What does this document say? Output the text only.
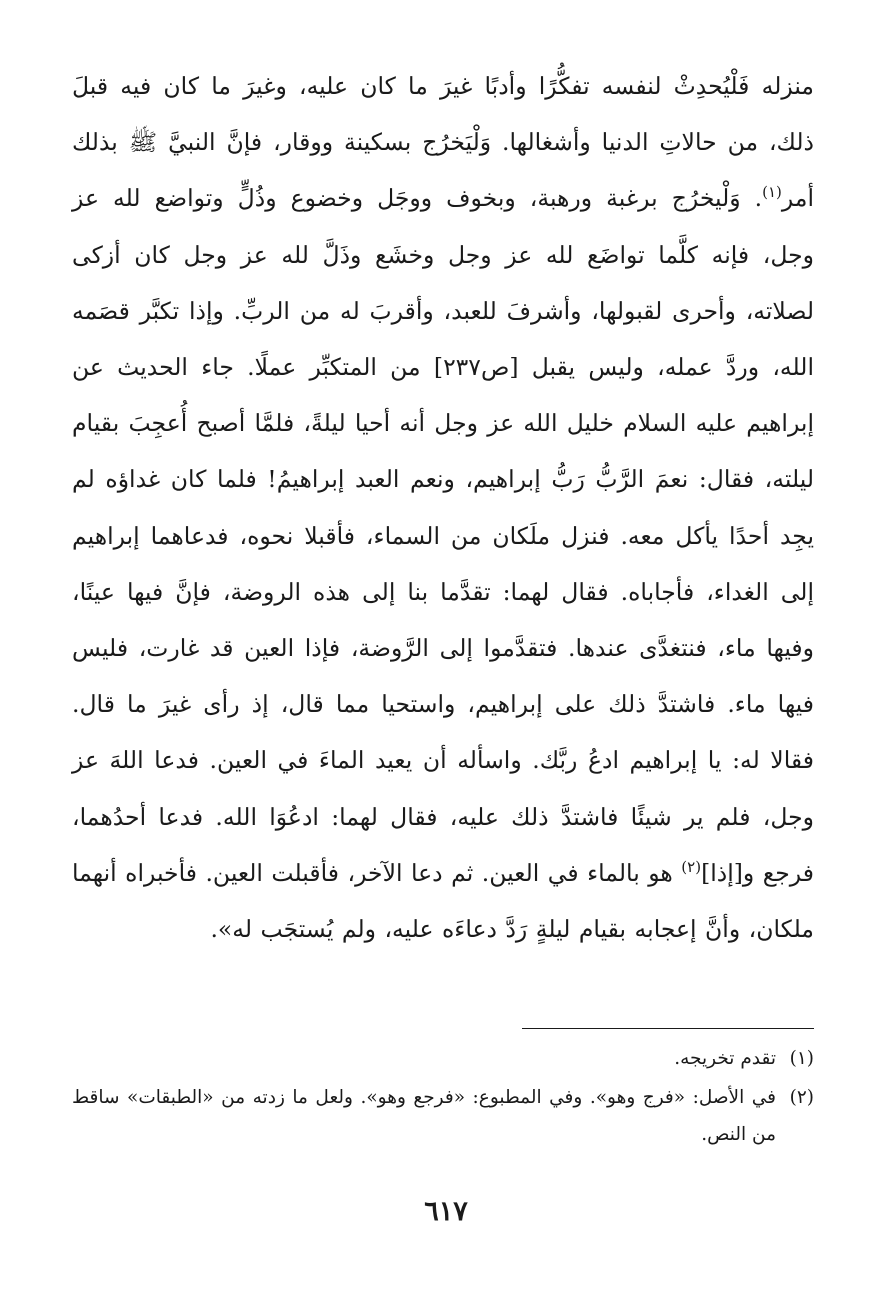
منزله فَلْيُحدِثْ لنفسه تفكُّرًا وأدبًا غيرَ ما كان عليه، وغيرَ ما كان فيه قبلَ ذلك، من حالاتِ الدنيا وأشغالها. وَلْيَخرُج بسكينة ووقار، فإنَّ النبيَّ ﷺ بذلك أمر$^{(١)}$. وَلْيخرُج برغبة ورهبة، وبخوف ووجَل وخضوع وذُلٍّ وتواضع لله عز وجل، فإنه كلَّما تواضَع لله عز وجل وخشَع وذَلَّ لله عز وجل كان أزكى لصلاته، وأحرى لقبولها، وأشرفَ للعبد، وأقربَ له من الربِّ. وإذا تكبَّر قصَمه الله، وردَّ عمله، وليس يقبل [ص٢٣٧] من المتكبِّر عملًا. جاء الحديث عن إبراهيم عليه السلام خليل الله عز وجل أنه أحيا ليلةً، فلمَّا أصبح أُعجِبَ بقيام ليلته، فقال: نعمَ الرَّبُّ رَبُّ إبراهيم، ونعم العبد إبراهيمُ! فلما كان غداؤه لم يجِد أحدًا يأكل معه. فنزل ملَكان من السماء، فأقبلا نحوه، فدعاهما إبراهيم إلى الغداء، فأجاباه. فقال لهما: تقدَّما بنا إلى هذه الروضة، فإنَّ فيها عينًا، وفيها ماء، فنتغدَّى عندها. فتقدَّموا إلى الرَّوضة، فإذا العين قد غارت، فليس فيها ماء. فاشتدَّ ذلك على إبراهيم، واستحيا مما قال، إذ رأى غيرَ ما قال. فقالا له: يا إبراهيم ادعُ ربَّك. واسأله أن يعيد الماءَ في العين. فدعا اللهَ عز وجل، فلم ير شيئًا فاشتدَّ ذلك عليه، فقال لهما: ادعُوَا الله. فدعا أحدُهما، فرجع و[إذا]$^{(٢)}$ هو بالماء في العين. ثم دعا الآخر، فأقبلت العين. فأخبراه أنهما ملكان، وأنَّ إعجابه بقيام ليلةٍ رَدَّ دعاءَه عليه، ولم يُستجَب له».

(١)
تقدم تخريجه.
(٢)
في الأصل: «فرج وهو». وفي المطبوع: «فرجع وهو». ولعل ما زدته من «الطبقات» ساقط من النص.
٦١٧
